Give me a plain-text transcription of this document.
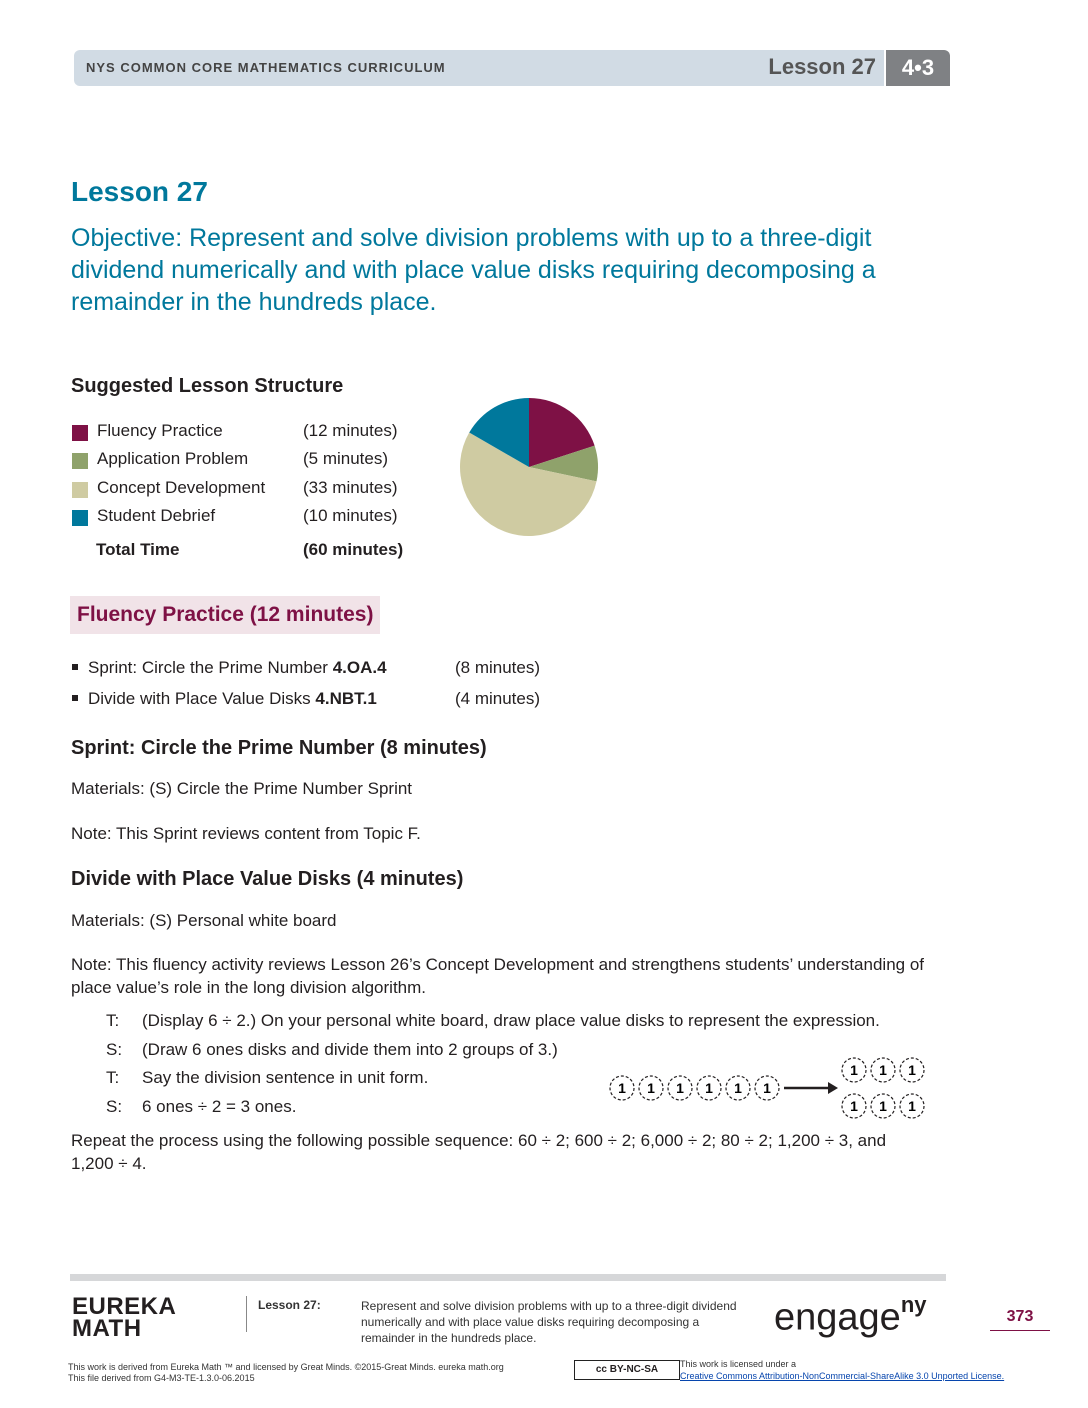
NYS COMMON CORE MATHEMATICS CURRICULUM	Lesson 27	4•3
Lesson 27
Objective: Represent and solve division problems with up to a three-digit dividend numerically and with place value disks requiring decomposing a remainder in the hundreds place.
Suggested Lesson Structure
Fluency Practice	(12 minutes)
Application Problem	(5 minutes)
Concept Development (33 minutes)
Student Debrief	(10 minutes)
Total Time	(60 minutes)
Fluency Practice (12 minutes)
Sprint: Circle the Prime Number 4.OA.4	(8 minutes)
Divide with Place Value Disks 4.NBT.1	(4 minutes)
Sprint: Circle the Prime Number (8 minutes)
Materials: (S) Circle the Prime Number Sprint
Note: This Sprint reviews content from Topic F.
Divide with Place Value Disks (4 minutes)
Materials: (S) Personal white board
Note: This fluency activity reviews Lesson 26’s Concept Development and strengthens students’ understanding of place value’s role in the long division algorithm.
T: (Display 6 ÷ 2.) On your personal white board, draw place value disks to represent the expression.
S: (Draw 6 ones disks and divide them into 2 groups of 3.)
T: Say the division sentence in unit form.
S: 6 ones ÷ 2 = 3 ones.
1 1 1 1 1 1
1 1 1
1 1 1
Repeat the process using the following possible sequence: 60 ÷ 2; 600 ÷ 2; 6,000 ÷ 2; 80 ÷ 2; 1,200 ÷ 3, and 1,200 ÷ 4.
EUREKA
MATH
Lesson 27:	Represent and solve division problems with up to a three-digit dividend numerically and with place value disks requiring decomposing a remainder in the hundreds place.	engage$^{ny}$	373
This work is derived from Eureka Math ™ and licensed by Great Minds. ©2015-Great Minds. eureka math.org
This file derived from G4-M3-TE-1.3.0-06.2015
cc BY-NC-SA	This work is licensed under a
Creative Commons Attribution-NonCommercial-ShareAlike 3.0 Unported License.
